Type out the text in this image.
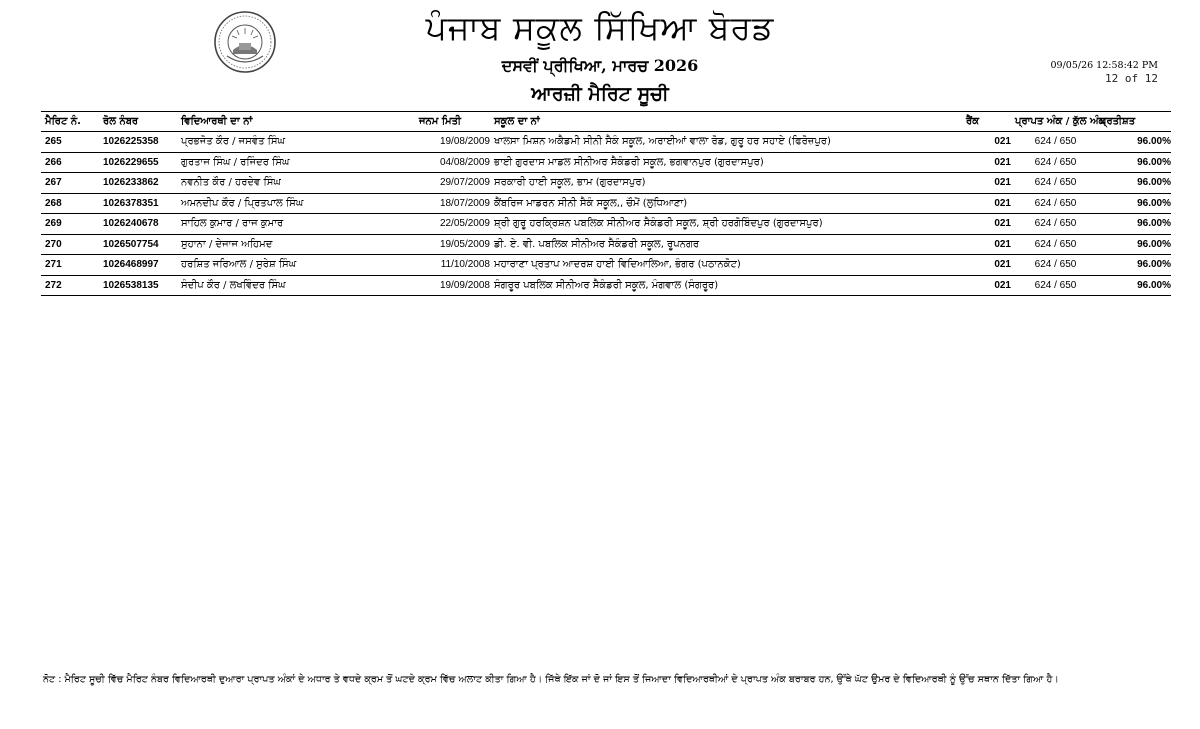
ਪੰਜਾਬ ਸਕੂਲ ਸਿੱਖਿਆ ਬੋਰਡ
ਦਸਵੀਂ ਪ੍ਰੀਖਿਆ, ਮਾਰਚ 2026
ਆਰਜ਼ੀ ਮੈਰਿਟ ਸੂਚੀ
09/05/26 12:58:42 PM
12 of 12
ਮੈਰਿਟ ਨੰ.	ਰੋਲ ਨੰਬਰ	ਵਿਦਿਆਰਥੀ ਦਾ ਨਾਂ	ਜਨਮ ਮਿਤੀ	ਸਕੂਲ ਦਾ ਨਾਂ	ਰੈਂਕ	ਪ੍ਰਾਪਤ ਅੰਕ / ਕੁੱਲ ਅੰਕ	ਪ੍ਰਤੀਸ਼ਤ
265	1026225358	ਪ੍ਰਭਜੋਤ ਕੌਰ / ਜਸਵੰਤ ਸਿੰਘ	19/08/2009	ਖਾਲਸਾ ਮਿਸ਼ਨ ਅਕੈਡਮੀ ਸੀਨੀ ਸੈਕੰ ਸਕੂਲ, ਅਰਾਈਆਂ ਵਾਲਾ ਰੋਡ, ਗੁਰੂ ਹਰ ਸਹਾਏ (ਫਿਰੋਜ਼ਪੁਰ)	021	624 / 650	96.00%
266	1026229655	ਗੁਰਤਾਜ ਸਿੰਘ / ਰਜਿੰਦਰ ਸਿੰਘ	04/08/2009	ਭਾਈ ਗੁਰਦਾਸ ਮਾਡਲ ਸੀਨੀਅਰ ਸੈਕੰਡਰੀ ਸਕੂਲ, ਭਗਵਾਨਪੁਰ (ਗੁਰਦਾਸਪੁਰ)	021	624 / 650	96.00%
267	1026233862	ਨਵਨੀਤ ਕੌਰ / ਹਰਦੇਵ ਸਿੰਘ	29/07/2009	ਸਰਕਾਰੀ ਹਾਈ ਸਕੂਲ, ਭਾਮ (ਗੁਰਦਾਸਪੁਰ)	021	624 / 650	96.00%
268	1026378351	ਅਮਨਦੀਪ ਕੌਰ / ਪ੍ਰਿਤਪਾਲ ਸਿੰਘ	18/07/2009	ਕੈਂਬਰਿਜ ਮਾਡਰਨ ਸੀਨੀ ਸੈਕੰ ਸਕੂਲ,, ਚੌਮੋਂ (ਲੁਧਿਆਣਾ)	021	624 / 650	96.00%
269	1026240678	ਸਾਹਿਲ ਕੁਮਾਰ / ਰਾਜ ਕੁਮਾਰ	22/05/2009	ਸ਼੍ਰੀ ਗੁਰੂ ਹਰਕ੍ਰਿਸ਼ਨ ਪਬਲਿਕ ਸੀਨੀਅਰ ਸੈਕੰਡਰੀ ਸਕੂਲ, ਸ਼੍ਰੀ ਹਰਗੋਬਿੰਦਪੁਰ (ਗੁਰਦਾਸਪੁਰ)	021	624 / 650	96.00%
270	1026507754	ਸੁਹਾਨਾ / ਦੇਜਾਜ ਅਹਿਮਦ	19/05/2009	ਡੀ. ਏ. ਵੀ. ਪਬਲਿਕ ਸੀਨੀਅਰ ਸੈਕੰਡਰੀ ਸਕੂਲ, ਰੂਪਨਗਰ	021	624 / 650	96.00%
271	1026468997	ਹਰਸ਼ਿਤ ਜਰਿਆਲ / ਸੁਰੇਸ਼ ਸਿੰਘ	11/10/2008	ਮਹਾਰਾਣਾ ਪ੍ਰਤਾਪ ਆਦਰਸ਼ ਹਾਈ ਵਿਦਿਆਲਿਆ, ਭੰਗਰ (ਪਠਾਨਕੋਟ)	021	624 / 650	96.00%
272	1026538135	ਸੰਦੀਪ ਕੌਰ / ਲਖਵਿੰਦਰ ਸਿੰਘ	19/09/2008	ਸੰਗਰੂਰ ਪਬਲਿਕ ਸੀਨੀਅਰ ਸੈਕੰਡਰੀ ਸਕੂਲ, ਮੰਗਵਾਲ (ਸੰਗਰੂਰ)	021	624 / 650	96.00%
ਨੋਟ : ਮੈਰਿਟ ਸੂਚੀ ਵਿੱਚ ਮੈਰਿਟ ਨੰਬਰ ਵਿਦਿਆਰਥੀ ਦੁਆਰਾ ਪ੍ਰਾਪਤ ਅੰਕਾਂ ਦੇ ਅਧਾਰ ਤੇ ਵਧਦੇ ਕ੍ਰਮ ਤੋਂ ਘਟਦੇ ਕ੍ਰਮ ਵਿੱਚ ਅਲਾਟ ਕੀਤਾ ਗਿਆ ਹੈ। ਜਿੱਥੇ ਇੱਕ ਜਾਂ ਦੋ ਜਾਂ ਇਸ ਤੋਂ ਜਿਆਦਾ ਵਿਦਿਆਰਥੀਆਂ ਦੇ ਪ੍ਰਾਪਤ ਅੰਕ ਬਰਾਬਰ ਹਨ, ਉੱਥੇ ਘੱਟ ਉਮਰ ਦੇ ਵਿਦਿਆਰਥੀ ਨੂੰ ਉੱਚ ਸਥਾਨ ਦਿੱਤਾ ਗਿਆ ਹੈ।
